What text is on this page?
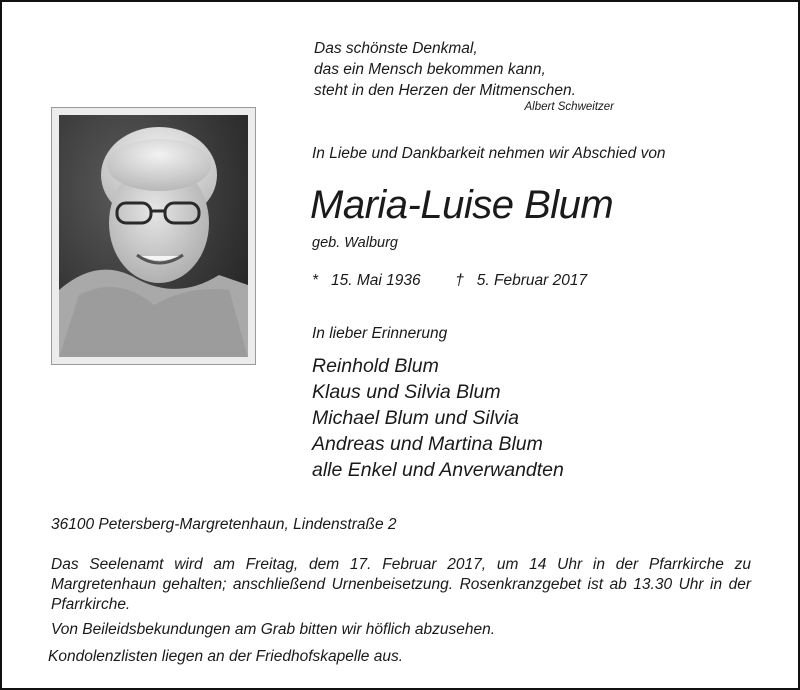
Das schönste Denkmal,
das ein Mensch bekommen kann,
steht in den Herzen der Mitmenschen.
Albert Schweitzer
In Liebe und Dankbarkeit nehmen wir Abschied von
Maria-Luise Blum
geb. Walburg
* 15. Mai 1936 † 5. Februar 2017
In lieber Erinnerung
Reinhold Blum
Klaus und Silvia Blum
Michael Blum und Silvia
Andreas und Martina Blum
alle Enkel und Anverwandten
36100 Petersberg-Margretenhaun, Lindenstraße 2

Das Seelenamt wird am Freitag, dem 17. Februar 2017, um 14 Uhr in der Pfarrkirche zu Margretenhaun gehalten; anschließend Urnenbeisetzung. Rosenkranzgebet ist ab 13.30 Uhr in der Pfarrkirche.

Von Beileidsbekundungen am Grab bitten wir höflich abzusehen.
Kondolenzlisten liegen an der Friedhofskapelle aus.
